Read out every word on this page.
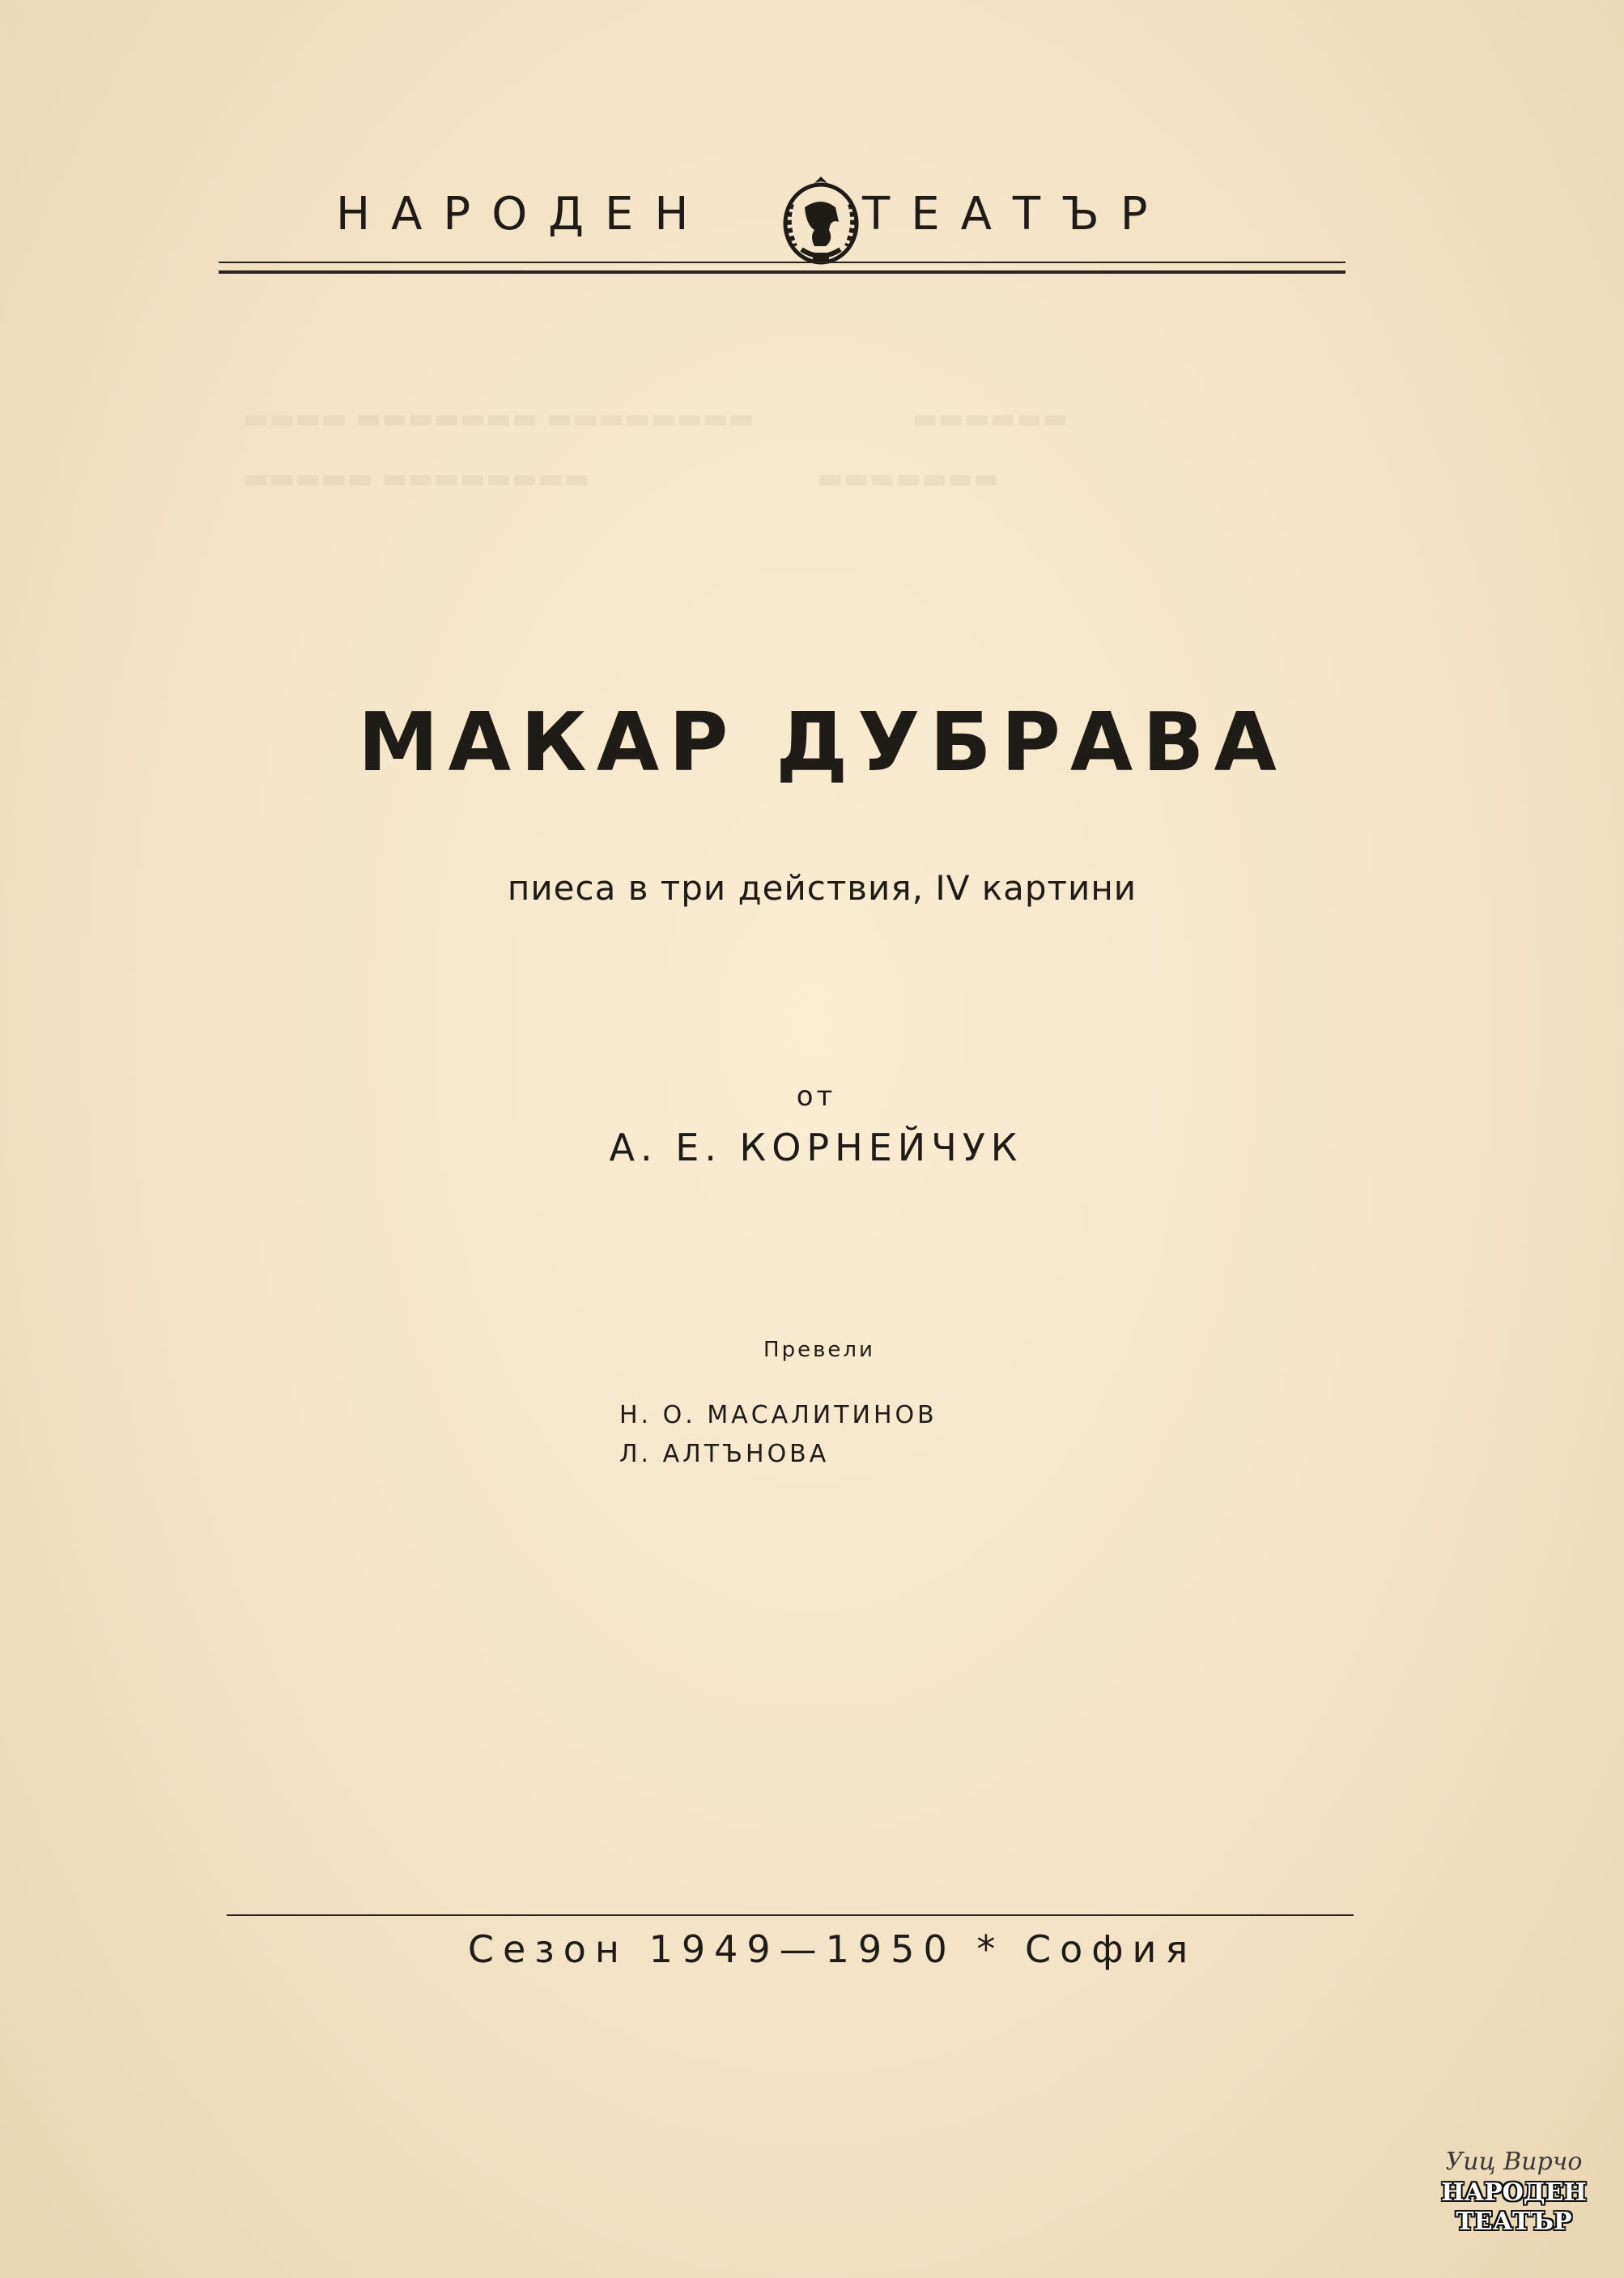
▬▬▬▬ ▬▬▬▬▬▬▬ ▬▬▬▬▬▬▬▬                  ▬▬▬▬▬▬
▬▬▬▬▬ ▬▬▬▬▬▬▬▬                          ▬▬▬▬▬▬▬
НАРОДЕН	ТЕАТЪР
МАКАР ДУБРАВА
пиеса в три действия, IV картини
от
А. Е. КОРНЕЙЧУК
Превели
Н. О. МАСАЛИТИНОВ
Л. АЛТЪНОВА
Сезон 1949—1950 * София
Уиц Вирчо
НАРОДЕН
ТЕАТЪР
